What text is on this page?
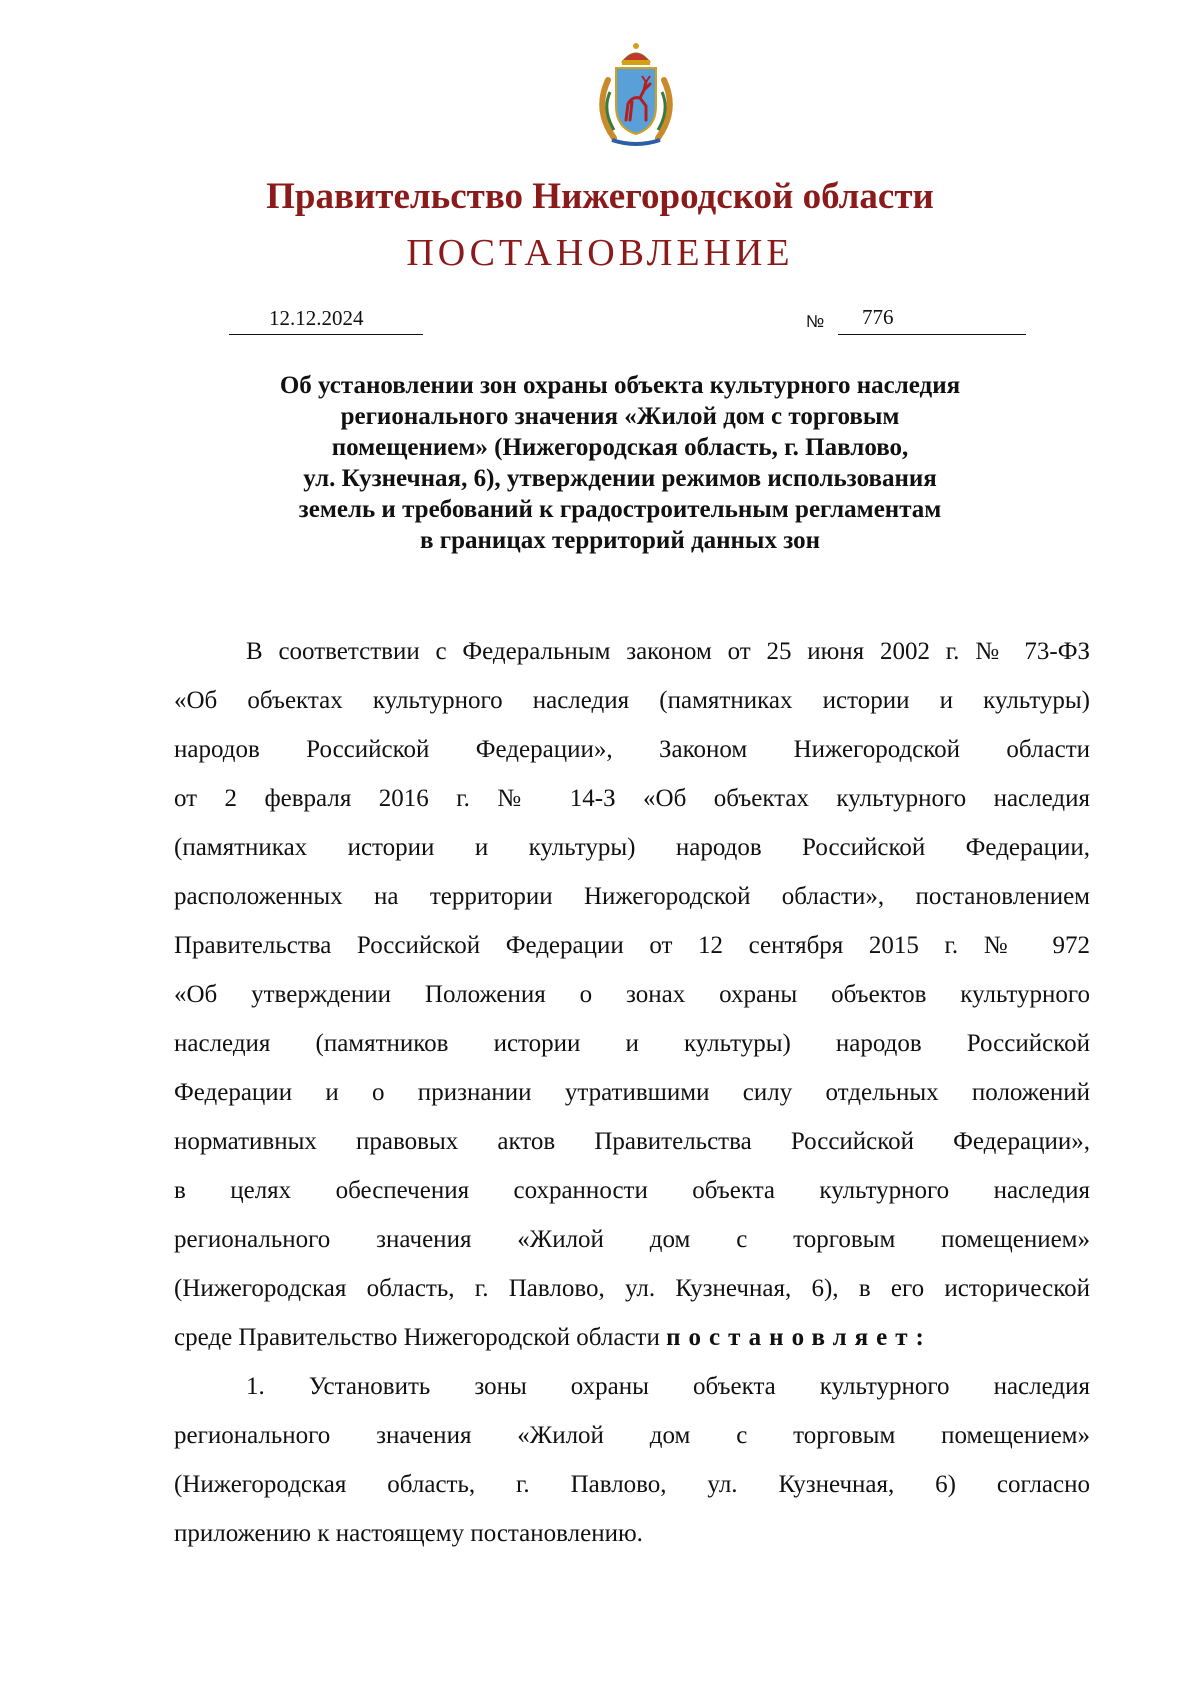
Правительство Нижегородской области
ПОСТАНОВЛЕНИЕ
12.12.2024	№ 776
Об установлении зон охраны объекта культурного наследия
регионального значения «Жилой дом с торговым
помещением» (Нижегородская область, г. Павлово,
ул. Кузнечная, 6), утверждении режимов использования
земель и требований к градостроительным регламентам
в границах территорий данных зон
В соответствии с Федеральным законом от 25 июня 2002 г. № 73-ФЗ
«Об объектах культурного наследия (памятниках истории и культуры)
народов Российской Федерации», Законом Нижегородской области
от 2 февраля 2016 г. № 14-З «Об объектах культурного наследия
(памятниках истории и культуры) народов Российской Федерации,
расположенных на территории Нижегородской области», постановлением
Правительства Российской Федерации от 12 сентября 2015 г. № 972
«Об утверждении Положения о зонах охраны объектов культурного
наследия (памятников истории и культуры) народов Российской
Федерации и о признании утратившими силу отдельных положений
нормативных правовых актов Правительства Российской Федерации»,
в целях обеспечения сохранности объекта культурного наследия
регионального значения «Жилой дом с торговым помещением»
(Нижегородская область, г. Павлово, ул. Кузнечная, 6), в его исторической
среде Правительство Нижегородской области постановляет:
1. Установить зоны охраны объекта культурного наследия
регионального значения «Жилой дом с торговым помещением»
(Нижегородская область, г. Павлово, ул. Кузнечная, 6) согласно
приложению к настоящему постановлению.
